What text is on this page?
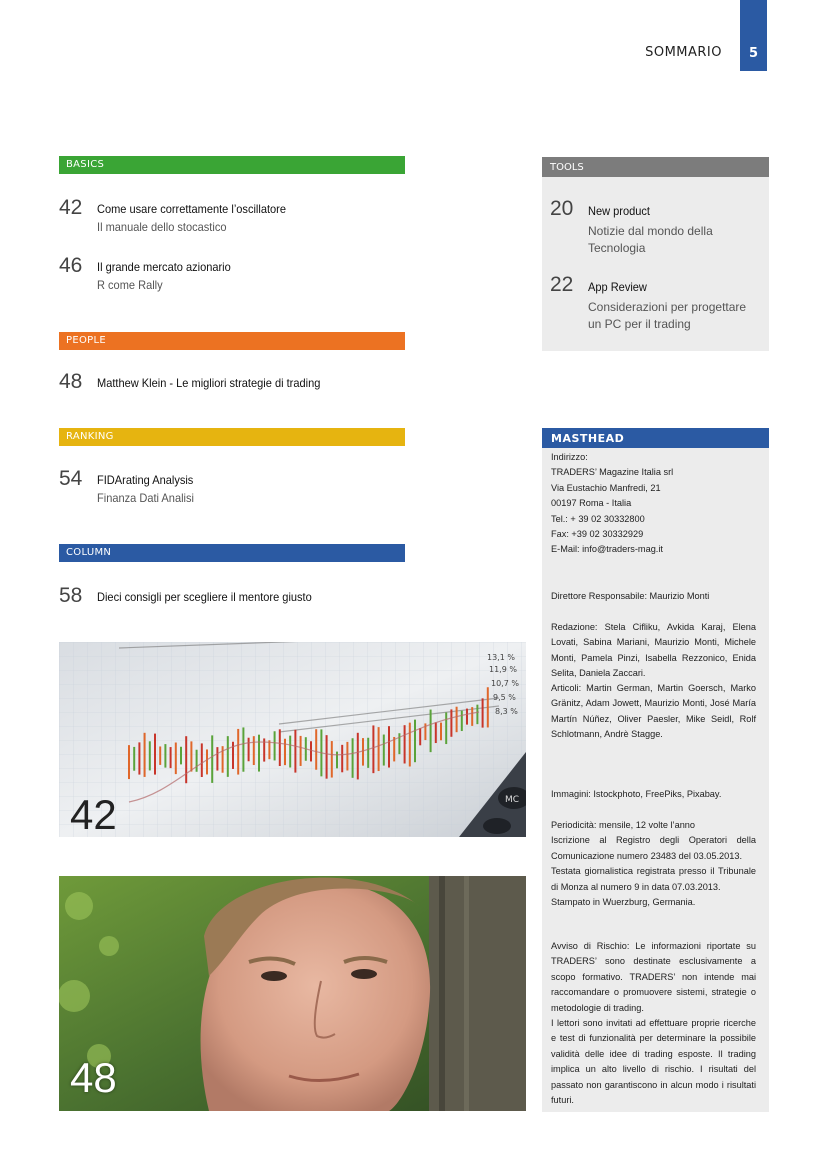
SOMMARIO	5
BASICS
42	Come usare correttamente l’oscillatore
Il manuale dello stocastico
46	Il grande mercato azionario
R come Rally
PEOPLE
48	Matthew Klein - Le migliori strategie di trading
RANKING
54	FIDArating Analysis
Finanza Dati Analisi
COLUMN
58	Dieci consigli per scegliere il mentore giusto
TOOLS
20 New product
Notizie dal mondo della Tecnologia
22 App Review
Considerazioni per progettare un PC per il trading
MASTHEAD
Indirizzo:
TRADERS’ Magazine Italia srl
Via Eustachio Manfredi, 21
00197 Roma - Italia
Tel.: + 39 02 30332800
Fax: +39 02 30332929
E-Mail: info@traders-mag.it
Direttore Responsabile: Maurizio Monti
Redazione: Stela Cifliku, Avkida Karaj, Elena Lovati, Sabina Mariani, Maurizio Monti, Michele Monti, Pamela Pinzi, Isabella Rezzonico, Enida Selita, Daniela Zaccari.
Articoli: Martin German, Martin Goersch, Marko Gränitz, Adam Jowett, Maurizio Monti, José María Martín Núñez, Oliver Paesler, Mike Seidl, Rolf Schlotmann, Andrè Stagge.
Immagini: Istockphoto, FreePiks, Pixabay.
Periodicità: mensile, 12 volte l’anno
Iscrizione al Registro degli Operatori della Comunicazione numero 23483 del 03.05.2013.
Testata giornalistica registrata presso il Tribunale di Monza al numero 9 in data 07.03.2013.
Stampato in Wuerzburg, Germania.
Avviso di Rischio: Le informazioni riportate su TRADERS’ sono destinate esclusivamente a scopo formativo. TRADERS’ non intende mai raccomandare o promuovere sistemi, strategie o metodologie di trading.
I lettori sono invitati ad effettuare proprie ricerche e test di funzionalità per determinare la possibile validità delle idee di trading esposte. Il trading implica un alto livello di rischio. I risultati del passato non garantiscono in alcun modo i risultati futuri.
13,1 %
11,9 %
10,7 %
9,5 %
8,3 %
MC
42
48
